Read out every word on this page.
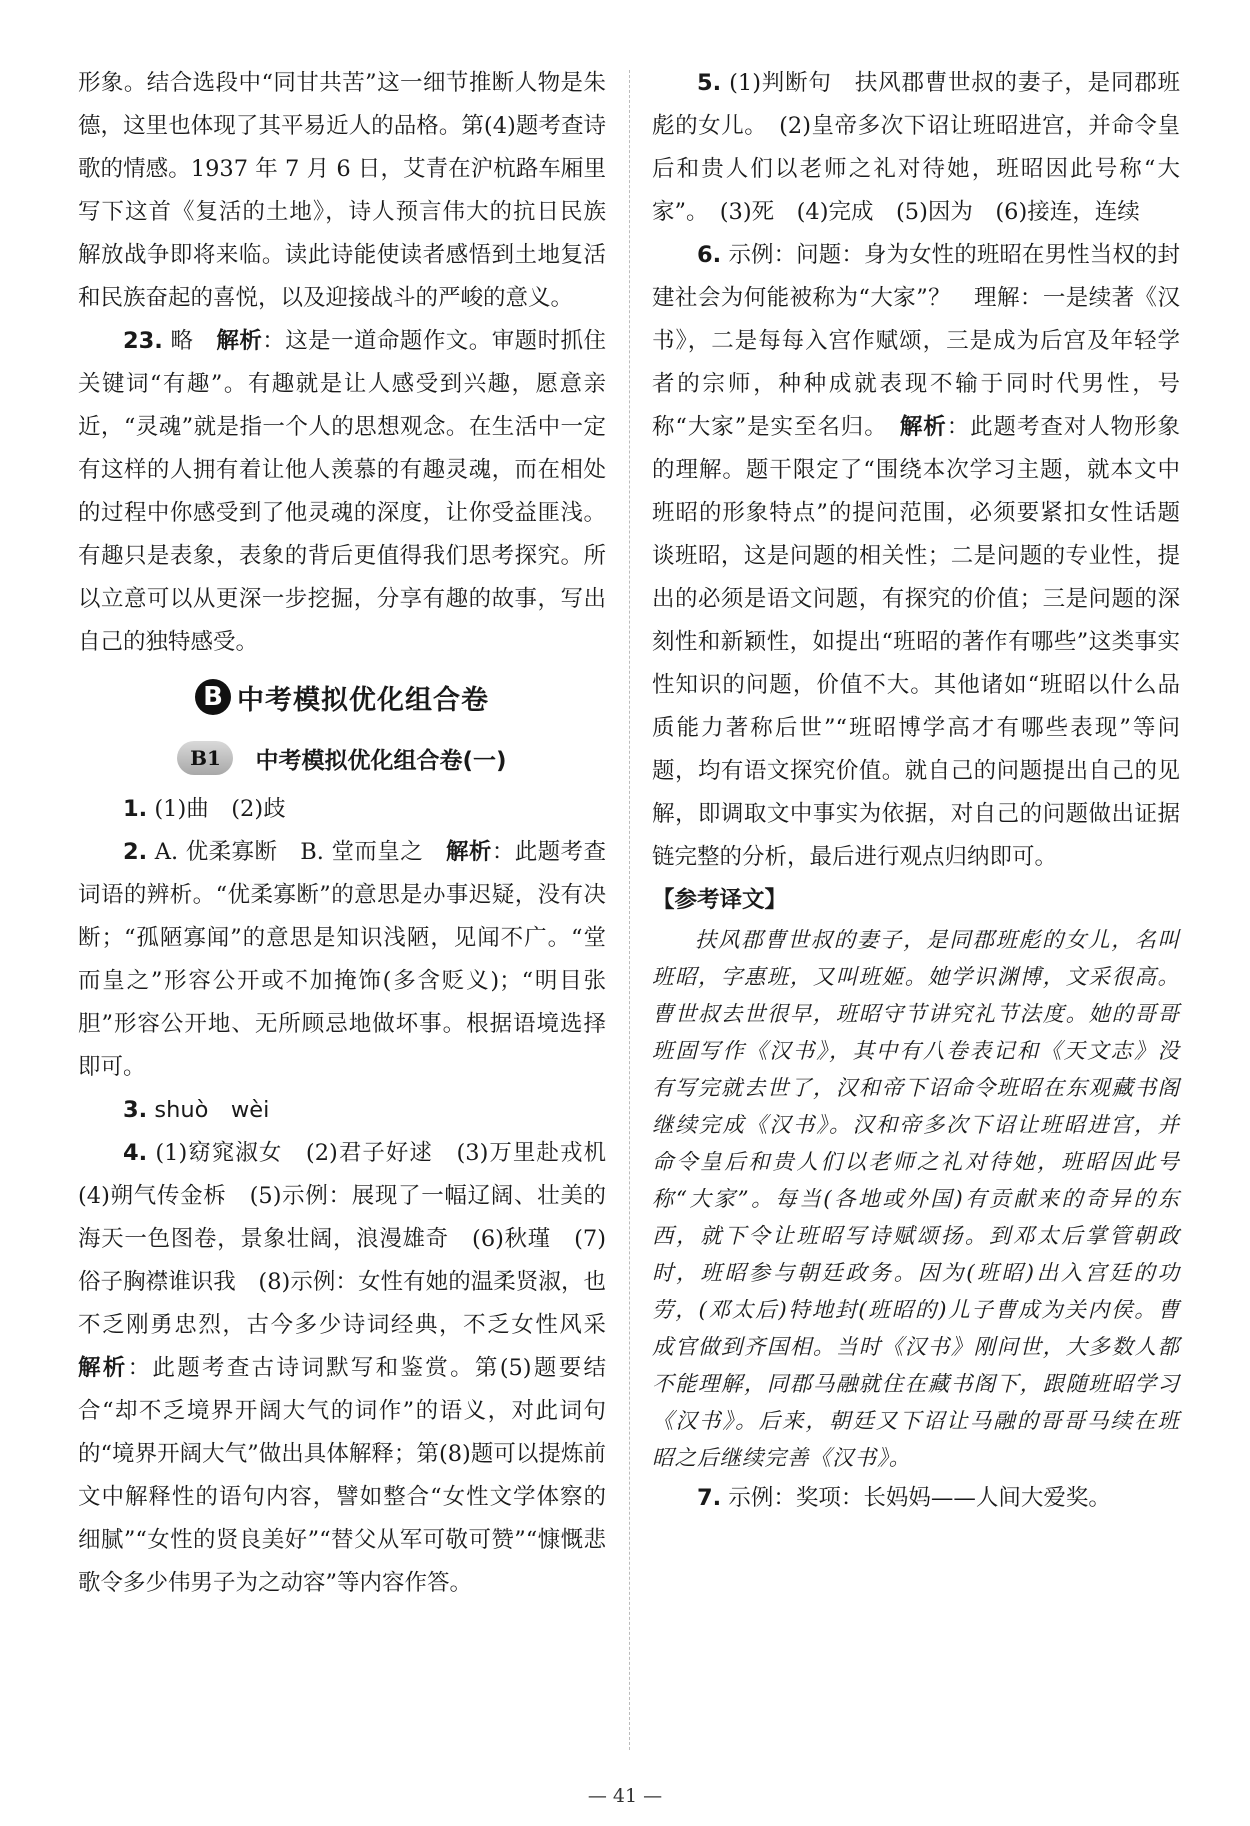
形象。结合选段中“同甘共苦”这一细节推断人物是朱德，这里也体现了其平易近人的品格。第(4)题考查诗歌的情感。1937 年 7 月 6 日，艾青在沪杭路车厢里写下这首《复活的土地》，诗人预言伟大的抗日民族解放战争即将来临。读此诗能使读者感悟到土地复活和民族奋起的喜悦，以及迎接战斗的严峻的意义。

23. 略　 解析：这是一道命题作文。审题时抓住关键词“有趣”。有趣就是让人感受到兴趣，愿意亲近，“灵魂”就是指一个人的思想观念。在生活中一定有这样的人拥有着让他人羡慕的有趣灵魂，而在相处的过程中你感受到了他灵魂的深度，让你受益匪浅。有趣只是表象，表象的背后更值得我们思考探究。所以立意可以从更深一步挖掘，分享有趣的故事，写出自己的独特感受。

B 中考模拟优化组合卷
B1	中考模拟优化组合卷(一)

1. (1)曲　(2)歧

2. A. 优柔寡断　B. 堂而皇之　解析：此题考查词语的辨析。“优柔寡断”的意思是办事迟疑，没有决断；“孤陋寡闻”的意思是知识浅陋，见闻不广。“堂而皇之”形容公开或不加掩饰(多含贬义)；“明目张胆”形容公开地、无所顾忌地做坏事。根据语境选择即可。

3. shuò　wèi

4. (1)窈窕淑女　(2)君子好逑　(3)万里赴戎机　(4)朔气传金柝　(5)示例：展现了一幅辽阔、壮美的海天一色图卷，景象壮阔，浪漫雄奇　(6)秋瑾　(7)俗子胸襟谁识我　(8)示例：女性有她的温柔贤淑，也不乏刚勇忠烈，古今多少诗词经典，不乏女性风采　解析：此题考查古诗词默写和鉴赏。第(5)题要结合“却不乏境界开阔大气的词作”的语义，对此词句的“境界开阔大气”做出具体解释；第(8)题可以提炼前文中解释性的语句内容，譬如整合“女性文学体察的细腻”“女性的贤良美好”“替父从军可敬可赞”“慷慨悲歌令多少伟男子为之动容”等内容作答。

5. (1)判断句　扶风郡曹世叔的妻子，是同郡班彪的女儿。　(2)皇帝多次下诏让班昭进宫，并命令皇后和贵人们以老师之礼对待她，班昭因此号称“大家”。　(3)死　(4)完成　(5)因为　(6)接连，连续

6. 示例：问题：身为女性的班昭在男性当权的封建社会为何能被称为“大家”？　理解：一是续著《汉书》，二是每每入宫作赋颂，三是成为后宫及年轻学者的宗师，种种成就表现不输于同时代男性，号称“大家”是实至名归。　解析：此题考查对人物形象的理解。题干限定了“围绕本次学习主题，就本文中班昭的形象特点”的提问范围，必须要紧扣女性话题谈班昭，这是问题的相关性；二是问题的专业性，提出的必须是语文问题，有探究的价值；三是问题的深刻性和新颖性，如提出“班昭的著作有哪些”这类事实性知识的问题，价值不大。其他诸如“班昭以什么品质能力著称后世”“班昭博学高才有哪些表现”等问题，均有语文探究价值。就自己的问题提出自己的见解，即调取文中事实为依据，对自己的问题做出证据链完整的分析，最后进行观点归纳即可。

【参考译文】

扶风郡曹世叔的妻子，是同郡班彪的女儿，名叫班昭，字惠班，又叫班姬。她学识渊博，文采很高。曹世叔去世很早，班昭守节讲究礼节法度。她的哥哥班固写作《汉书》，其中有八卷表记和《天文志》没有写完就去世了，汉和帝下诏命令班昭在东观藏书阁继续完成《汉书》。汉和帝多次下诏让班昭进宫，并命令皇后和贵人们以老师之礼对待她，班昭因此号称“大家”。每当(各地或外国)有贡献来的奇异的东西，就下令让班昭写诗赋颂扬。到邓太后掌管朝政时，班昭参与朝廷政务。因为(班昭)出入宫廷的功劳，(邓太后)特地封(班昭的)儿子曹成为关内侯。曹成官做到齐国相。当时《汉书》刚问世，大多数人都不能理解，同郡马融就住在藏书阁下，跟随班昭学习《汉书》。后来，朝廷又下诏让马融的哥哥马续在班昭之后继续完善《汉书》。

7. 示例：奖项：长妈妈——人间大爱奖。

— 41 —
